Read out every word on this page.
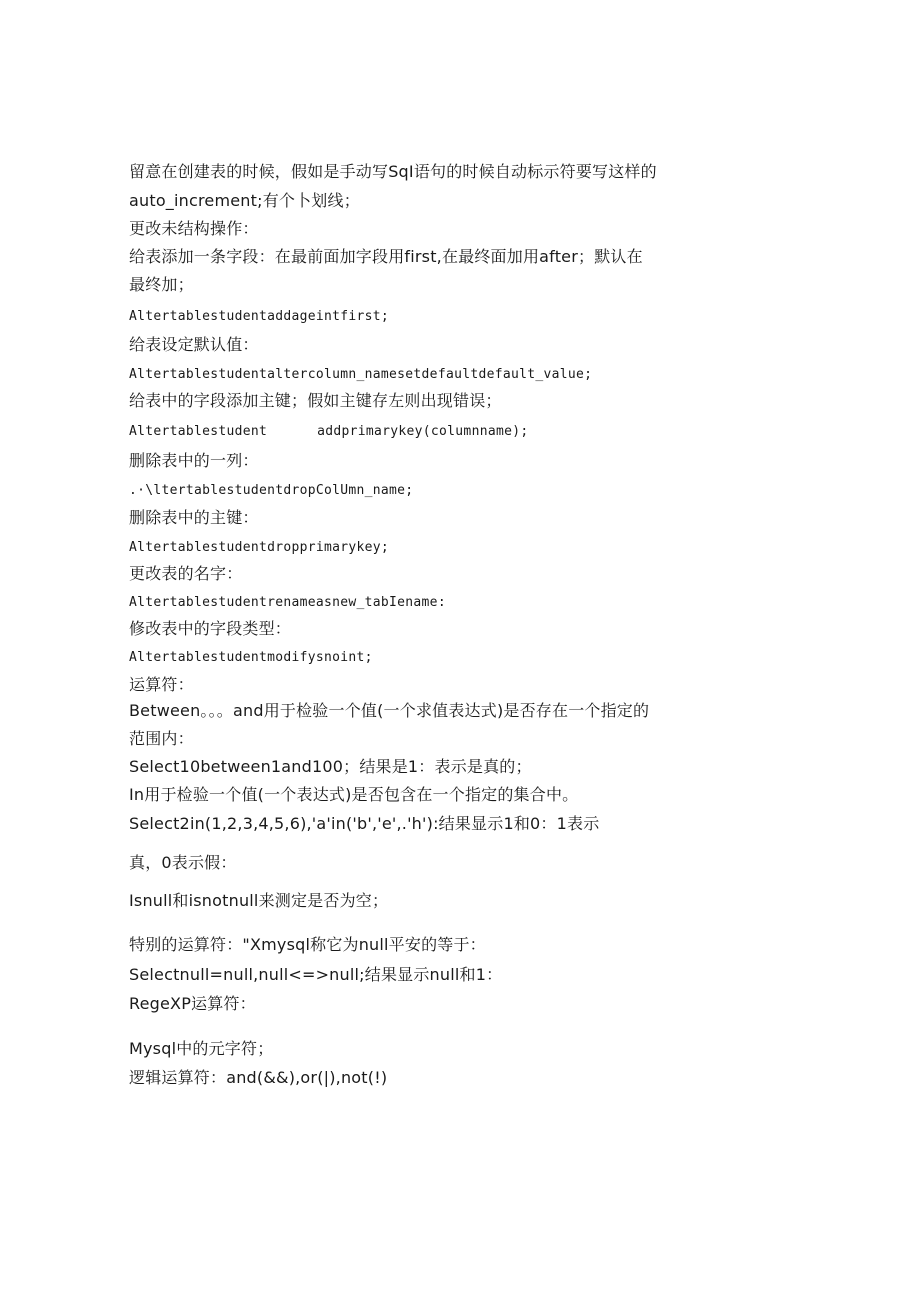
留意在创建表的时候，假如是手动写SqI语句的时候自动标示符要写这样的
auto_increment;有个卜划线；
更改未结构操作：
给表添加一条字段：在最前面加字段用first,在最终面加用after；默认在
最终加；
Altertablestudentaddageintfirst;
给表设定默认值：
Altertablestudentaltercolumn_namesetdefaultdefault_value;
给表中的字段添加主键；假如主键存左则出现错误；
Altertablestudent	addprimarykey(columnname);
删除表中的一列：
.·\ltertablestudentdropColUmn_name;
删除表中的主键：
Altertablestudentdropprimarykey;
更改表的名字：
Altertablestudentrenameasnew_tabIename:
修改表中的字段类型：
Altertablestudentmodifysnoint;
运算符：
Between。。。and用于检验一个值(一个求值表达式)是否存在一个指定的
范围内：
Select10between1and100；结果是1：表示是真的；
In用于检验一个值(一个表达式)是否包含在一个指定的集合中。
Select2in(1,2,3,4,5,6),'a'in('b','e',.'h'):结果显示1和0：1表示
真，0表示假：
Isnull和isnotnull来测定是否为空；
特别的运算符："Xmysql称它为null平安的等于：
Selectnull=null,null<=>null;结果显示null和1：
RegeXP运算符：
Mysql中的元字符；
逻辑运算符：and(&&),or(|),not(!)
